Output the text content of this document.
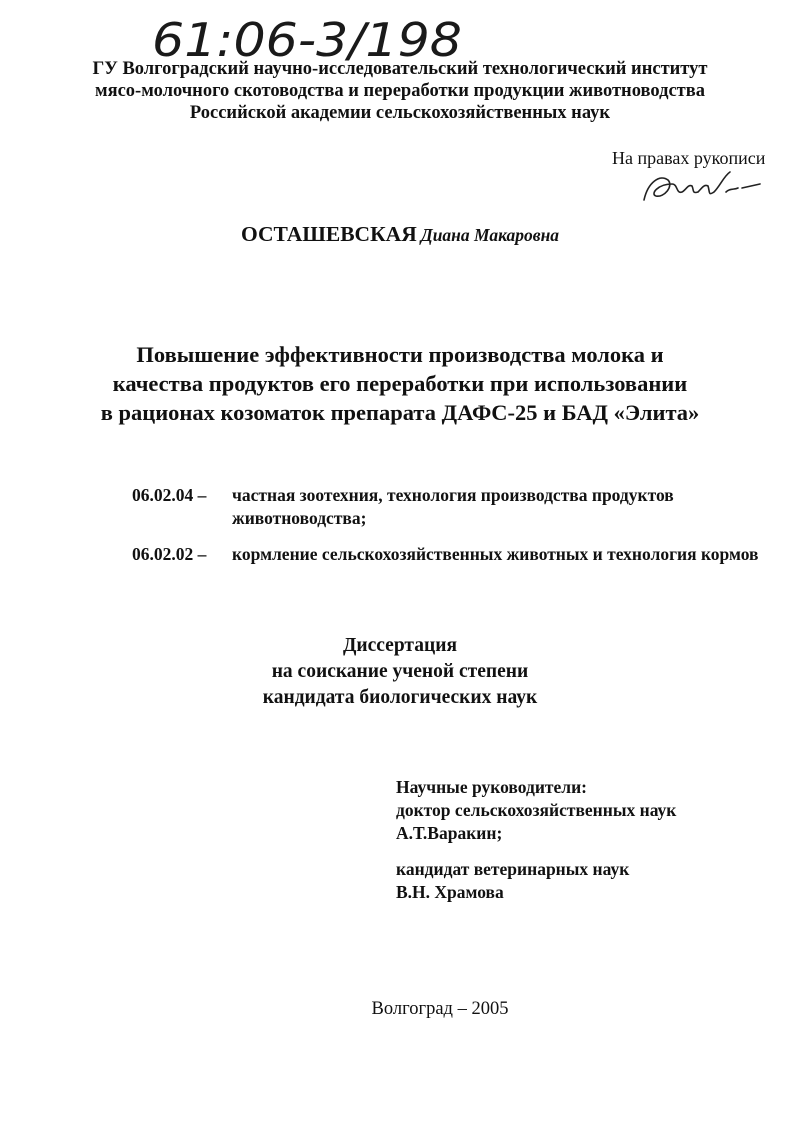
61:06-3/198
ГУ Волгоградский научно-исследовательский технологический институт
мясо-молочного скотоводства и переработки продукции животноводства
Российской академии сельскохозяйственных наук
На правах рукописи
ОСТАШЕВСКАЯ Диана Макаровна
Повышение эффективности производства молока и
качества продуктов его переработки при использовании
в рационах козоматок препарата ДАФС-25 и БАД «Элита»
06.02.04 – частная зоотехния, технология производства продуктов животноводства;
06.02.02 – кормление сельскохозяйственных животных и технология кормов
Диссертация
на соискание ученой степени
кандидата биологических наук
Научные руководители:
доктор сельскохозяйственных наук
А.Т.Варакин;
кандидат ветеринарных наук
В.Н. Храмова
Волгоград – 2005
